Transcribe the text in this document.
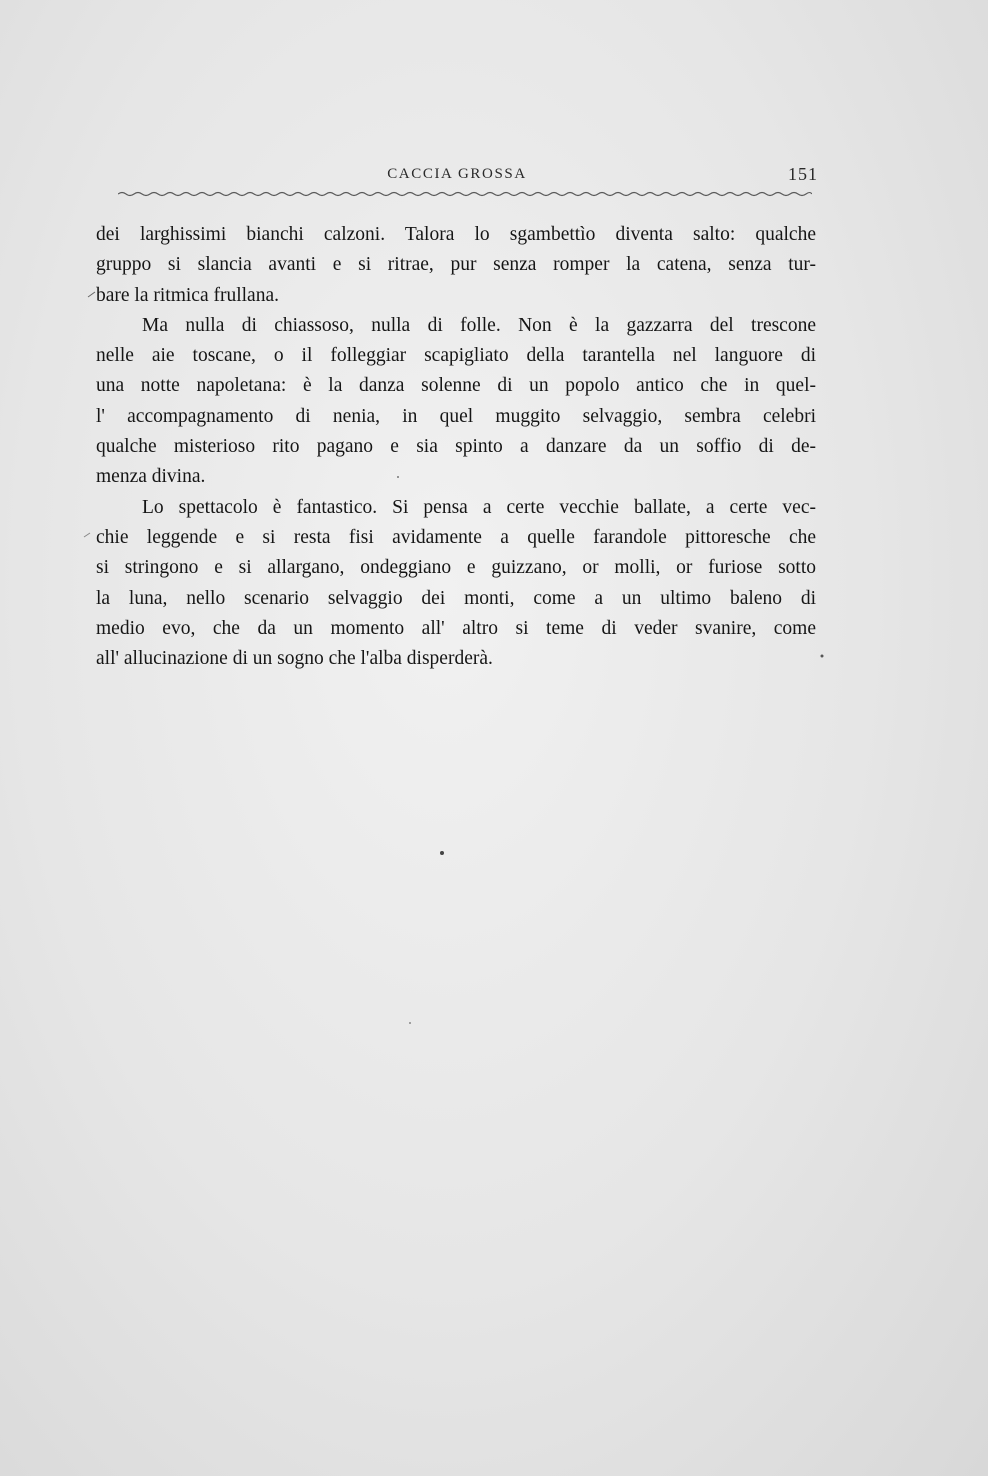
CACCIA GROSSA	151

dei larghissimi bianchi calzoni. Talora lo sgambettìo diventa salto: qualche
gruppo si slancia avanti e si ritrae, pur senza romper la catena, senza tur-
bare la ritmica frullana.

Ma nulla di chiassoso, nulla di folle. Non è la gazzarra del trescone
nelle aie toscane, o il folleggiar scapigliato della tarantella nel languore di
una notte napoletana: è la danza solenne di un popolo antico che in quel-
l' accompagnamento di nenia, in quel muggito selvaggio, sembra celebri
qualche misterioso rito pagano e sia spinto a danzare da un soffio di de-
menza divina.

Lo spettacolo è fantastico. Si pensa a certe vecchie ballate, a certe vec-
chie leggende e si resta fisi avidamente a quelle farandole pittoresche che
si stringono e si allargano, ondeggiano e guizzano, or molli, or furiose sotto
la luna, nello scenario selvaggio dei monti, come a un ultimo baleno di
medio evo, che da un momento all' altro si teme di veder svanire, come
all' allucinazione di un sogno che l'alba disperderà.
